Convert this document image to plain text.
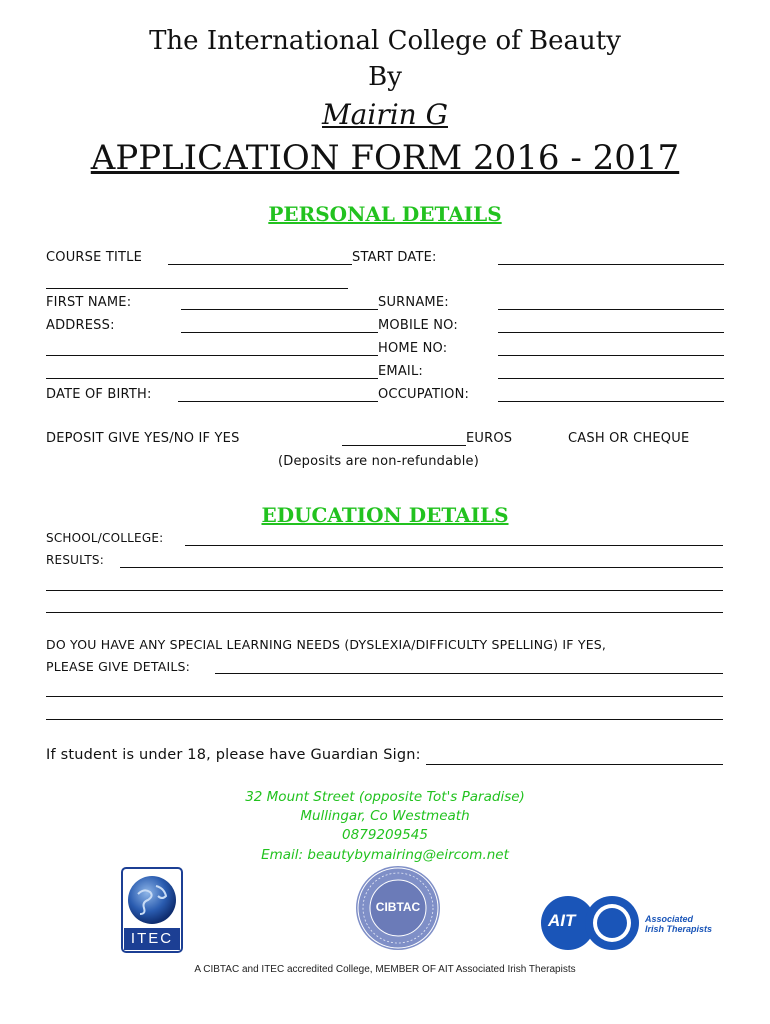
The International College of Beauty
By
Mairin G
APPLICATION FORM 2016 - 2017
PERSONAL DETAILS
COURSE TITLE	START DATE:
FIRST NAME:	SURNAME:
ADDRESS:	MOBILE NO:
HOME NO:
EMAIL:
DATE OF BIRTH:	OCCUPATION:
DEPOSIT GIVE YES/NO IF YES	EUROS	CASH OR CHEQUE
(Deposits are non-refundable)
EDUCATION DETAILS
SCHOOL/COLLEGE:
RESULTS:
DO YOU HAVE ANY SPECIAL LEARNING NEEDS (DYSLEXIA/DIFFICULTY SPELLING) IF YES,
PLEASE GIVE DETAILS:
If student is under 18, please have Guardian Sign:
32 Mount Street (opposite Tot's Paradise)
Mullingar, Co Westmeath
0879209545
Email: beautybymairing@eircom.net
ITEC
CIBTAC
AIT	Associated
Irish Therapists
A CIBTAC and ITEC accredited College, MEMBER OF AIT Associated Irish Therapists
